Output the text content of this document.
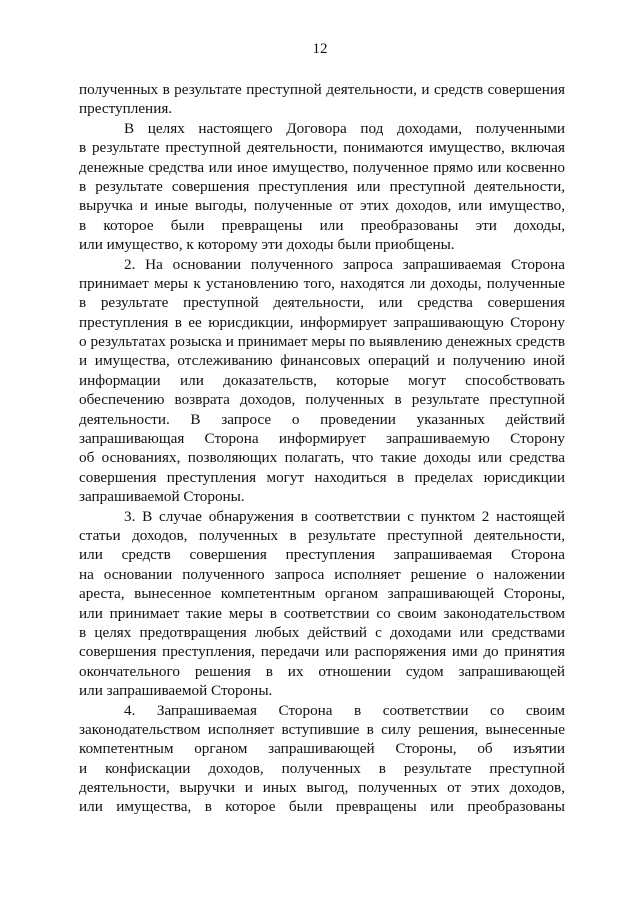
12
полученных в результате преступной деятельности, и средств совершения
преступления.
В целях настоящего Договора под доходами, полученными
в результате преступной деятельности, понимаются имущество, включая
денежные средства или иное имущество, полученное прямо или косвенно
в результате совершения преступления или преступной деятельности,
выручка и иные выгоды, полученные от этих доходов, или имущество,
в которое были превращены или преобразованы эти доходы,
или имущество, к которому эти доходы были приобщены.
2. На основании полученного запроса запрашиваемая Сторона
принимает меры к установлению того, находятся ли доходы, полученные
в результате преступной деятельности, или средства совершения
преступления в ее юрисдикции, информирует запрашивающую Сторону
о результатах розыска и принимает меры по выявлению денежных средств
и имущества, отслеживанию финансовых операций и получению иной
информации или доказательств, которые могут способствовать
обеспечению возврата доходов, полученных в результате преступной
деятельности. В запросе о проведении указанных действий
запрашивающая Сторона информирует запрашиваемую Сторону
об основаниях, позволяющих полагать, что такие доходы или средства
совершения преступления могут находиться в пределах юрисдикции
запрашиваемой Стороны.
3. В случае обнаружения в соответствии с пунктом 2 настоящей
статьи доходов, полученных в результате преступной деятельности,
или средств совершения преступления запрашиваемая Сторона
на основании полученного запроса исполняет решение о наложении
ареста, вынесенное компетентным органом запрашивающей Стороны,
или принимает такие меры в соответствии со своим законодательством
в целях предотвращения любых действий с доходами или средствами
совершения преступления, передачи или распоряжения ими до принятия
окончательного решения в их отношении судом запрашивающей
или запрашиваемой Стороны.
4. Запрашиваемая Сторона в соответствии со своим
законодательством исполняет вступившие в силу решения, вынесенные
компетентным органом запрашивающей Стороны, об изъятии
и конфискации доходов, полученных в результате преступной
деятельности, выручки и иных выгод, полученных от этих доходов,
или имущества, в которое были превращены или преобразованы
